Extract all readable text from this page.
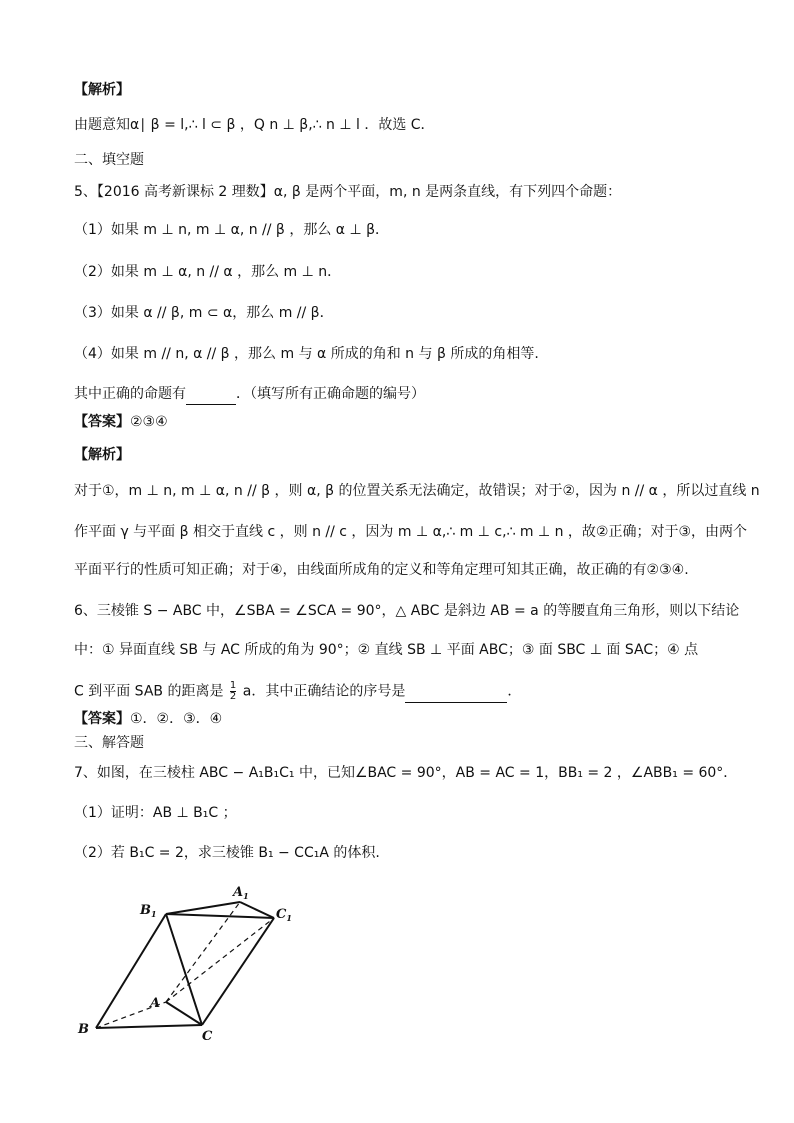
【解析】
由题意知α∣ β = l,∴ l ⊂ β ，Q n ⊥ β,∴ n ⊥ l ．故选 C．
二、填空题
5、【2016 高考新课标 2 理数】α, β 是两个平面，m, n 是两条直线，有下列四个命题：
（1）如果 m ⊥ n, m ⊥ α, n // β ，那么 α ⊥ β．
（2）如果 m ⊥ α, n // α ，那么 m ⊥ n．
（3）如果 α // β, m ⊂ α，那么 m // β．
（4）如果 m // n, α // β ，那么 m 与 α 所成的角和 n 与 β 所成的角相等.
其中正确的命题有	．（填写所有正确命题的编号）
【答案】②③④
【解析】
对于①，m ⊥ n, m ⊥ α, n // β ，则 α, β 的位置关系无法确定，故错误；对于②，因为 n // α ，所以过直线 n
作平面 γ 与平面 β 相交于直线 c ，则 n // c ，因为 m ⊥ α,∴ m ⊥ c,∴ m ⊥ n ，故②正确；对于③，由两个
平面平行的性质可知正确；对于④，由线面所成角的定义和等角定理可知其正确，故正确的有②③④.
6、三棱锥 S − ABC 中，∠SBA = ∠SCA = 90°，△ ABC 是斜边 AB = a 的等腰直角三角形，则以下结论
中：① 异面直线 SB 与 AC 所成的角为 90°；② 直线 SB ⊥ 平面 ABC；③ 面 SBC ⊥ 面 SAC；④ 点
C 到平面 SAB 的距离是 $\frac{1}{2}$ a．其中正确结论的序号是	．
【答案】①．②．③．④
三、解答题
7、如图，在三棱柱 ABC − A₁B₁C₁ 中，已知∠BAC = 90°，AB = AC = 1，BB₁ = 2 ，∠ABB₁ = 60°．
（1）证明：AB ⊥ B₁C ；
（2）若 B₁C = 2，求三棱锥 B₁ − CC₁A 的体积.
B	C
A
$B_1$
$A_1$
$C_1$
